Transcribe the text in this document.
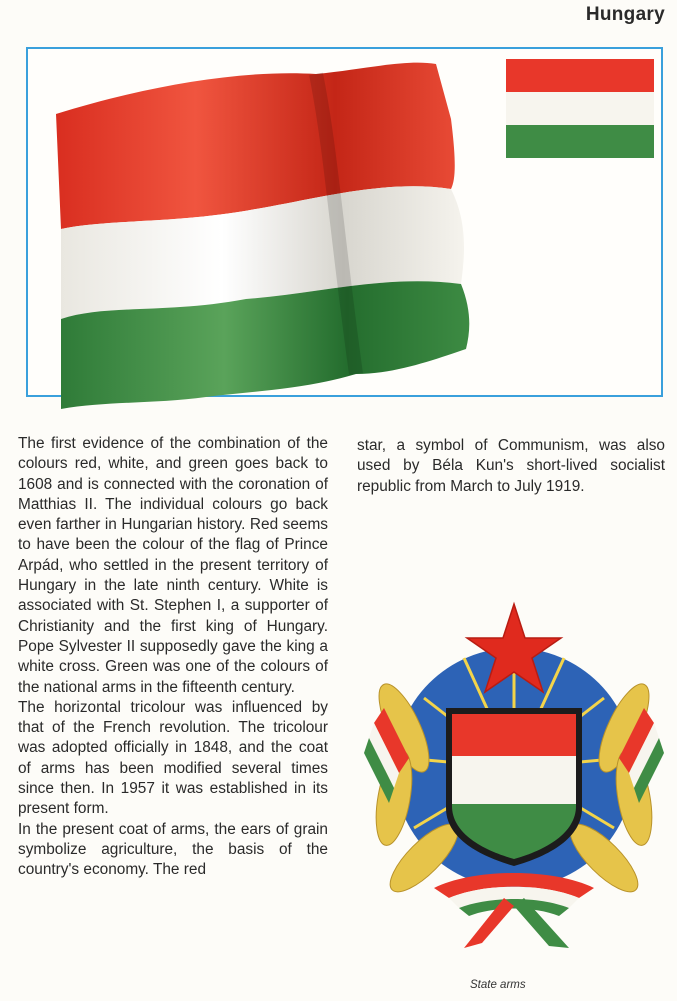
Hungary

The first evidence of the combination of the colours red, white, and green goes back to 1608 and is connected with the coronation of Matthias II. The individual colours go back even farther in Hungarian history. Red seems to have been the colour of the flag of Prince Arpád, who settled in the present territory of Hungary in the late ninth century. White is associated with St. Stephen I, a supporter of Christianity and the first king of Hungary. Pope Sylvester II supposedly gave the king a white cross. Green was one of the colours of the national arms in the fifteenth century.

The horizontal tricolour was influenced by that of the French revolution. The tricolour was adopted officially in 1848, and the coat of arms has been modified several times since then. In 1957 it was established in its present form.

In the present coat of arms, the ears of grain symbolize agriculture, the basis of the country's economy. The red

star, a symbol of Communism, was also used by Béla Kun's short-lived socialist republic from March to July 1919.

State arms
